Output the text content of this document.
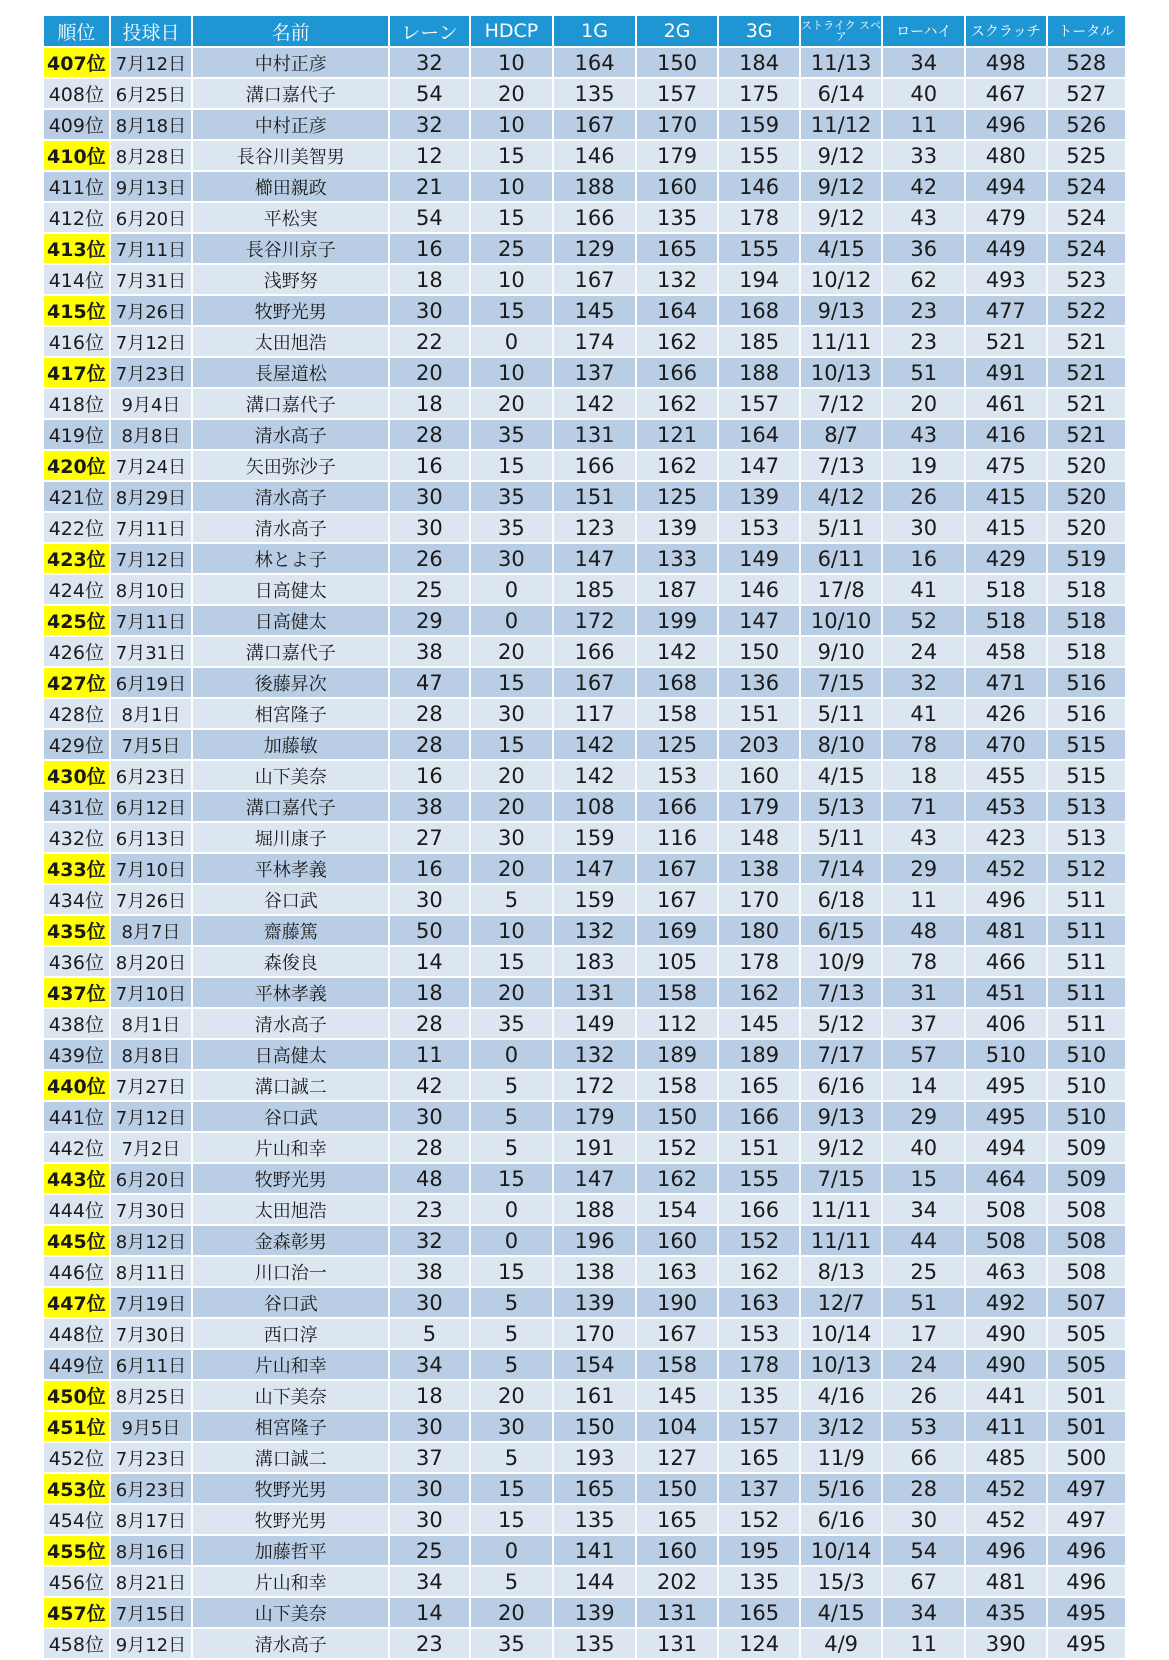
順位	投球日	名前	レーン	HDCP	1G	2G	3G	ストライク スペア	ローハイ	スクラッチ	トータル
407位	7月12日	中村正彦	32	10	164	150	184	11/13	34	498	528
408位	6月25日	溝口嘉代子	54	20	135	157	175	6/14	40	467	527
409位	8月18日	中村正彦	32	10	167	170	159	11/12	11	496	526
410位	8月28日	長谷川美智男	12	15	146	179	155	9/12	33	480	525
411位	9月13日	櫛田親政	21	10	188	160	146	9/12	42	494	524
412位	6月20日	平松実	54	15	166	135	178	9/12	43	479	524
413位	7月11日	長谷川京子	16	25	129	165	155	4/15	36	449	524
414位	7月31日	浅野努	18	10	167	132	194	10/12	62	493	523
415位	7月26日	牧野光男	30	15	145	164	168	9/13	23	477	522
416位	7月12日	太田旭浩	22	0	174	162	185	11/11	23	521	521
417位	7月23日	長屋道松	20	10	137	166	188	10/13	51	491	521
418位	9月4日	溝口嘉代子	18	20	142	162	157	7/12	20	461	521
419位	8月8日	清水高子	28	35	131	121	164	8/7	43	416	521
420位	7月24日	矢田弥沙子	16	15	166	162	147	7/13	19	475	520
421位	8月29日	清水高子	30	35	151	125	139	4/12	26	415	520
422位	7月11日	清水高子	30	35	123	139	153	5/11	30	415	520
423位	7月12日	林とよ子	26	30	147	133	149	6/11	16	429	519
424位	8月10日	日高健太	25	0	185	187	146	17/8	41	518	518
425位	7月11日	日高健太	29	0	172	199	147	10/10	52	518	518
426位	7月31日	溝口嘉代子	38	20	166	142	150	9/10	24	458	518
427位	6月19日	後藤昇次	47	15	167	168	136	7/15	32	471	516
428位	8月1日	相宮隆子	28	30	117	158	151	5/11	41	426	516
429位	7月5日	加藤敏	28	15	142	125	203	8/10	78	470	515
430位	6月23日	山下美奈	16	20	142	153	160	4/15	18	455	515
431位	6月12日	溝口嘉代子	38	20	108	166	179	5/13	71	453	513
432位	6月13日	堀川康子	27	30	159	116	148	5/11	43	423	513
433位	7月10日	平林孝義	16	20	147	167	138	7/14	29	452	512
434位	7月26日	谷口武	30	5	159	167	170	6/18	11	496	511
435位	8月7日	齋藤篤	50	10	132	169	180	6/15	48	481	511
436位	8月20日	森俊良	14	15	183	105	178	10/9	78	466	511
437位	7月10日	平林孝義	18	20	131	158	162	7/13	31	451	511
438位	8月1日	清水高子	28	35	149	112	145	5/12	37	406	511
439位	8月8日	日高健太	11	0	132	189	189	7/17	57	510	510
440位	7月27日	溝口誠二	42	5	172	158	165	6/16	14	495	510
441位	7月12日	谷口武	30	5	179	150	166	9/13	29	495	510
442位	7月2日	片山和幸	28	5	191	152	151	9/12	40	494	509
443位	6月20日	牧野光男	48	15	147	162	155	7/15	15	464	509
444位	7月30日	太田旭浩	23	0	188	154	166	11/11	34	508	508
445位	8月12日	金森彰男	32	0	196	160	152	11/11	44	508	508
446位	8月11日	川口治一	38	15	138	163	162	8/13	25	463	508
447位	7月19日	谷口武	30	5	139	190	163	12/7	51	492	507
448位	7月30日	西口淳	5	5	170	167	153	10/14	17	490	505
449位	6月11日	片山和幸	34	5	154	158	178	10/13	24	490	505
450位	8月25日	山下美奈	18	20	161	145	135	4/16	26	441	501
451位	9月5日	相宮隆子	30	30	150	104	157	3/12	53	411	501
452位	7月23日	溝口誠二	37	5	193	127	165	11/9	66	485	500
453位	6月23日	牧野光男	30	15	165	150	137	5/16	28	452	497
454位	8月17日	牧野光男	30	15	135	165	152	6/16	30	452	497
455位	8月16日	加藤哲平	25	0	141	160	195	10/14	54	496	496
456位	8月21日	片山和幸	34	5	144	202	135	15/3	67	481	496
457位	7月15日	山下美奈	14	20	139	131	165	4/15	34	435	495
458位	9月12日	清水高子	23	35	135	131	124	4/9	11	390	495
